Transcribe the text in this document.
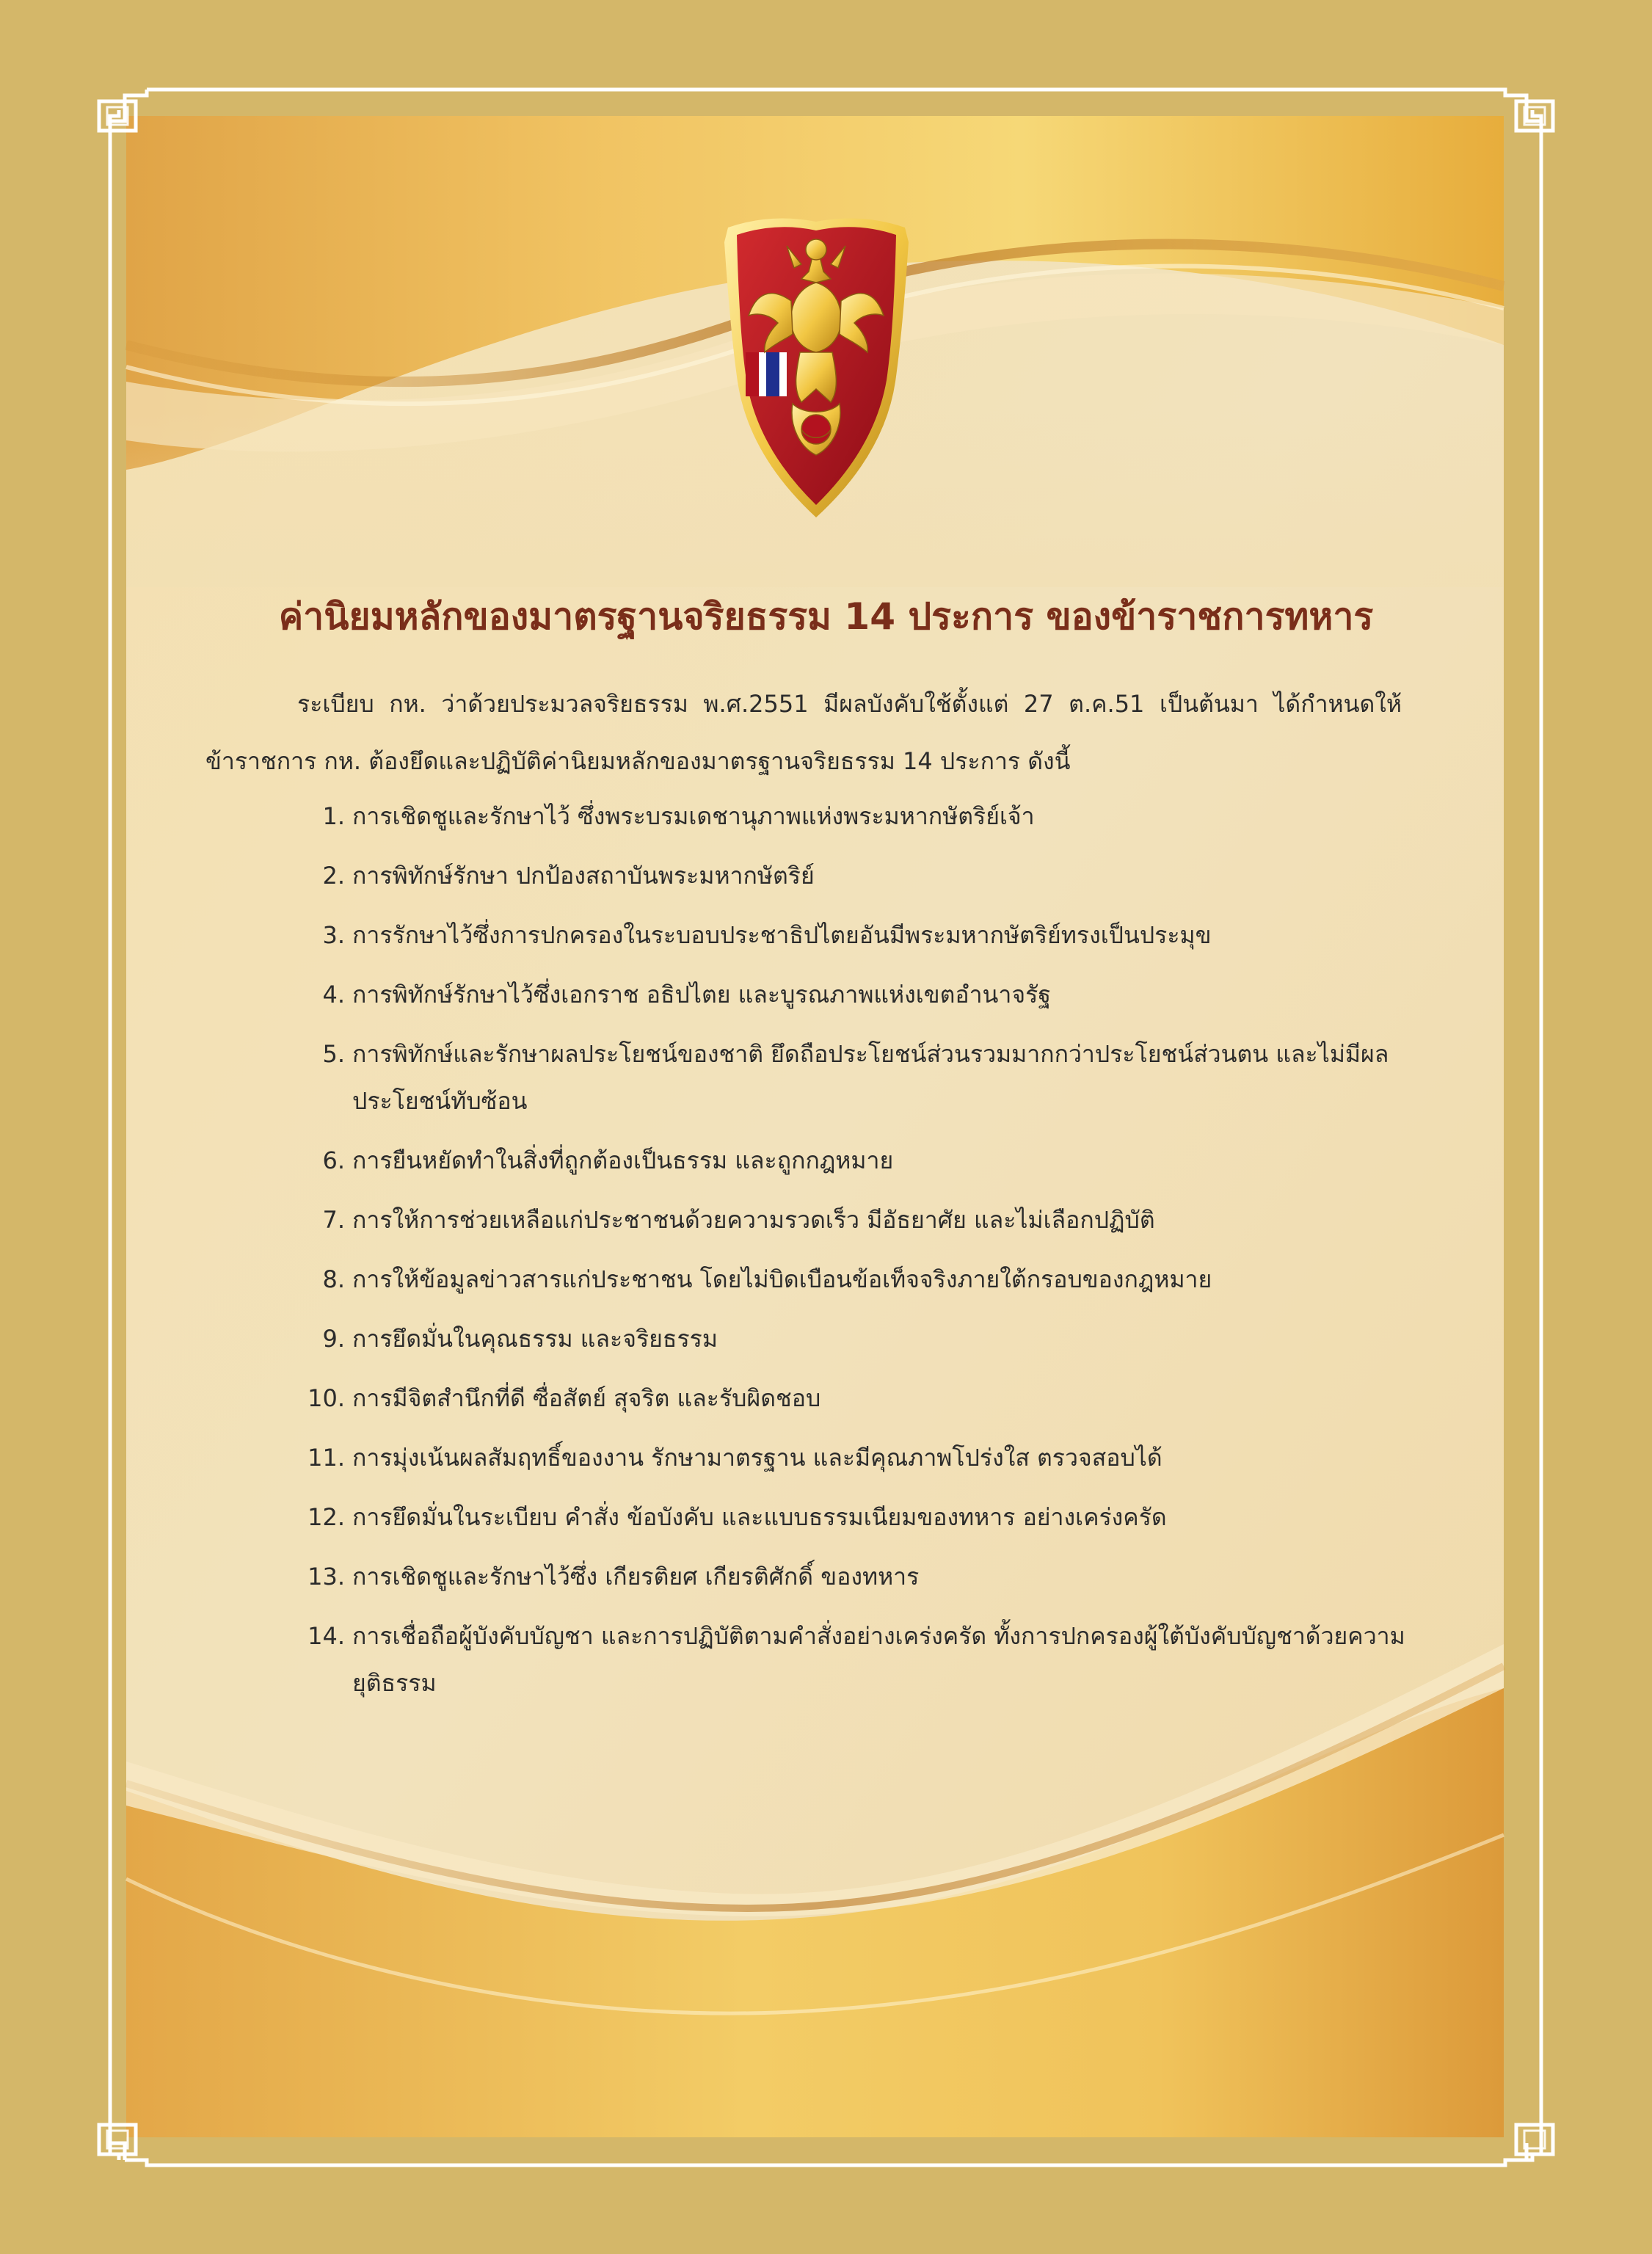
ค่านิยมหลักของมาตรฐานจริยธรรม 14 ประการ ของข้าราชการทหาร
ระเบียบ กห. ว่าด้วยประมวลจริยธรรม พ.ศ.2551 มีผลบังคับใช้ตั้งแต่ 27 ต.ค.51 เป็นต้นมา ได้กำหนดให้ข้าราชการ กห. ต้องยึดและปฏิบัติค่านิยมหลักของมาตรฐานจริยธรรม 14 ประการ ดังนี้
1. การเชิดชูและรักษาไว้ ซึ่งพระบรมเดชานุภาพแห่งพระมหากษัตริย์เจ้า
2. การพิทักษ์รักษา ปกป้องสถาบันพระมหากษัตริย์
3. การรักษาไว้ซึ่งการปกครองในระบอบประชาธิปไตยอันมีพระมหากษัตริย์ทรงเป็นประมุข
4. การพิทักษ์รักษาไว้ซึ่งเอกราช อธิปไตย และบูรณภาพแห่งเขตอำนาจรัฐ
5. การพิทักษ์และรักษาผลประโยชน์ของชาติ ยึดถือประโยชน์ส่วนรวมมากกว่าประโยชน์ส่วนตน และไม่มีผลประโยชน์ทับซ้อน
6. การยืนหยัดทำในสิ่งที่ถูกต้องเป็นธรรม และถูกกฎหมาย
7. การให้การช่วยเหลือแก่ประชาชนด้วยความรวดเร็ว มีอัธยาศัย และไม่เลือกปฏิบัติ
8. การให้ข้อมูลข่าวสารแก่ประชาชน โดยไม่บิดเบือนข้อเท็จจริงภายใต้กรอบของกฎหมาย
9. การยึดมั่นในคุณธรรม และจริยธรรม
10. การมีจิตสำนึกที่ดี ซื่อสัตย์ สุจริต และรับผิดชอบ
11. การมุ่งเน้นผลสัมฤทธิ์ของงาน รักษามาตรฐาน และมีคุณภาพโปร่งใส ตรวจสอบได้
12. การยึดมั่นในระเบียบ คำสั่ง ข้อบังคับ และแบบธรรมเนียมของทหาร อย่างเคร่งครัด
13. การเชิดชูและรักษาไว้ซึ่ง เกียรติยศ เกียรติศักดิ์ ของทหาร
14. การเชื่อถือผู้บังคับบัญชา และการปฏิบัติตามคำสั่งอย่างเคร่งครัด ทั้งการปกครองผู้ใต้บังคับบัญชาด้วยความยุติธรรม
